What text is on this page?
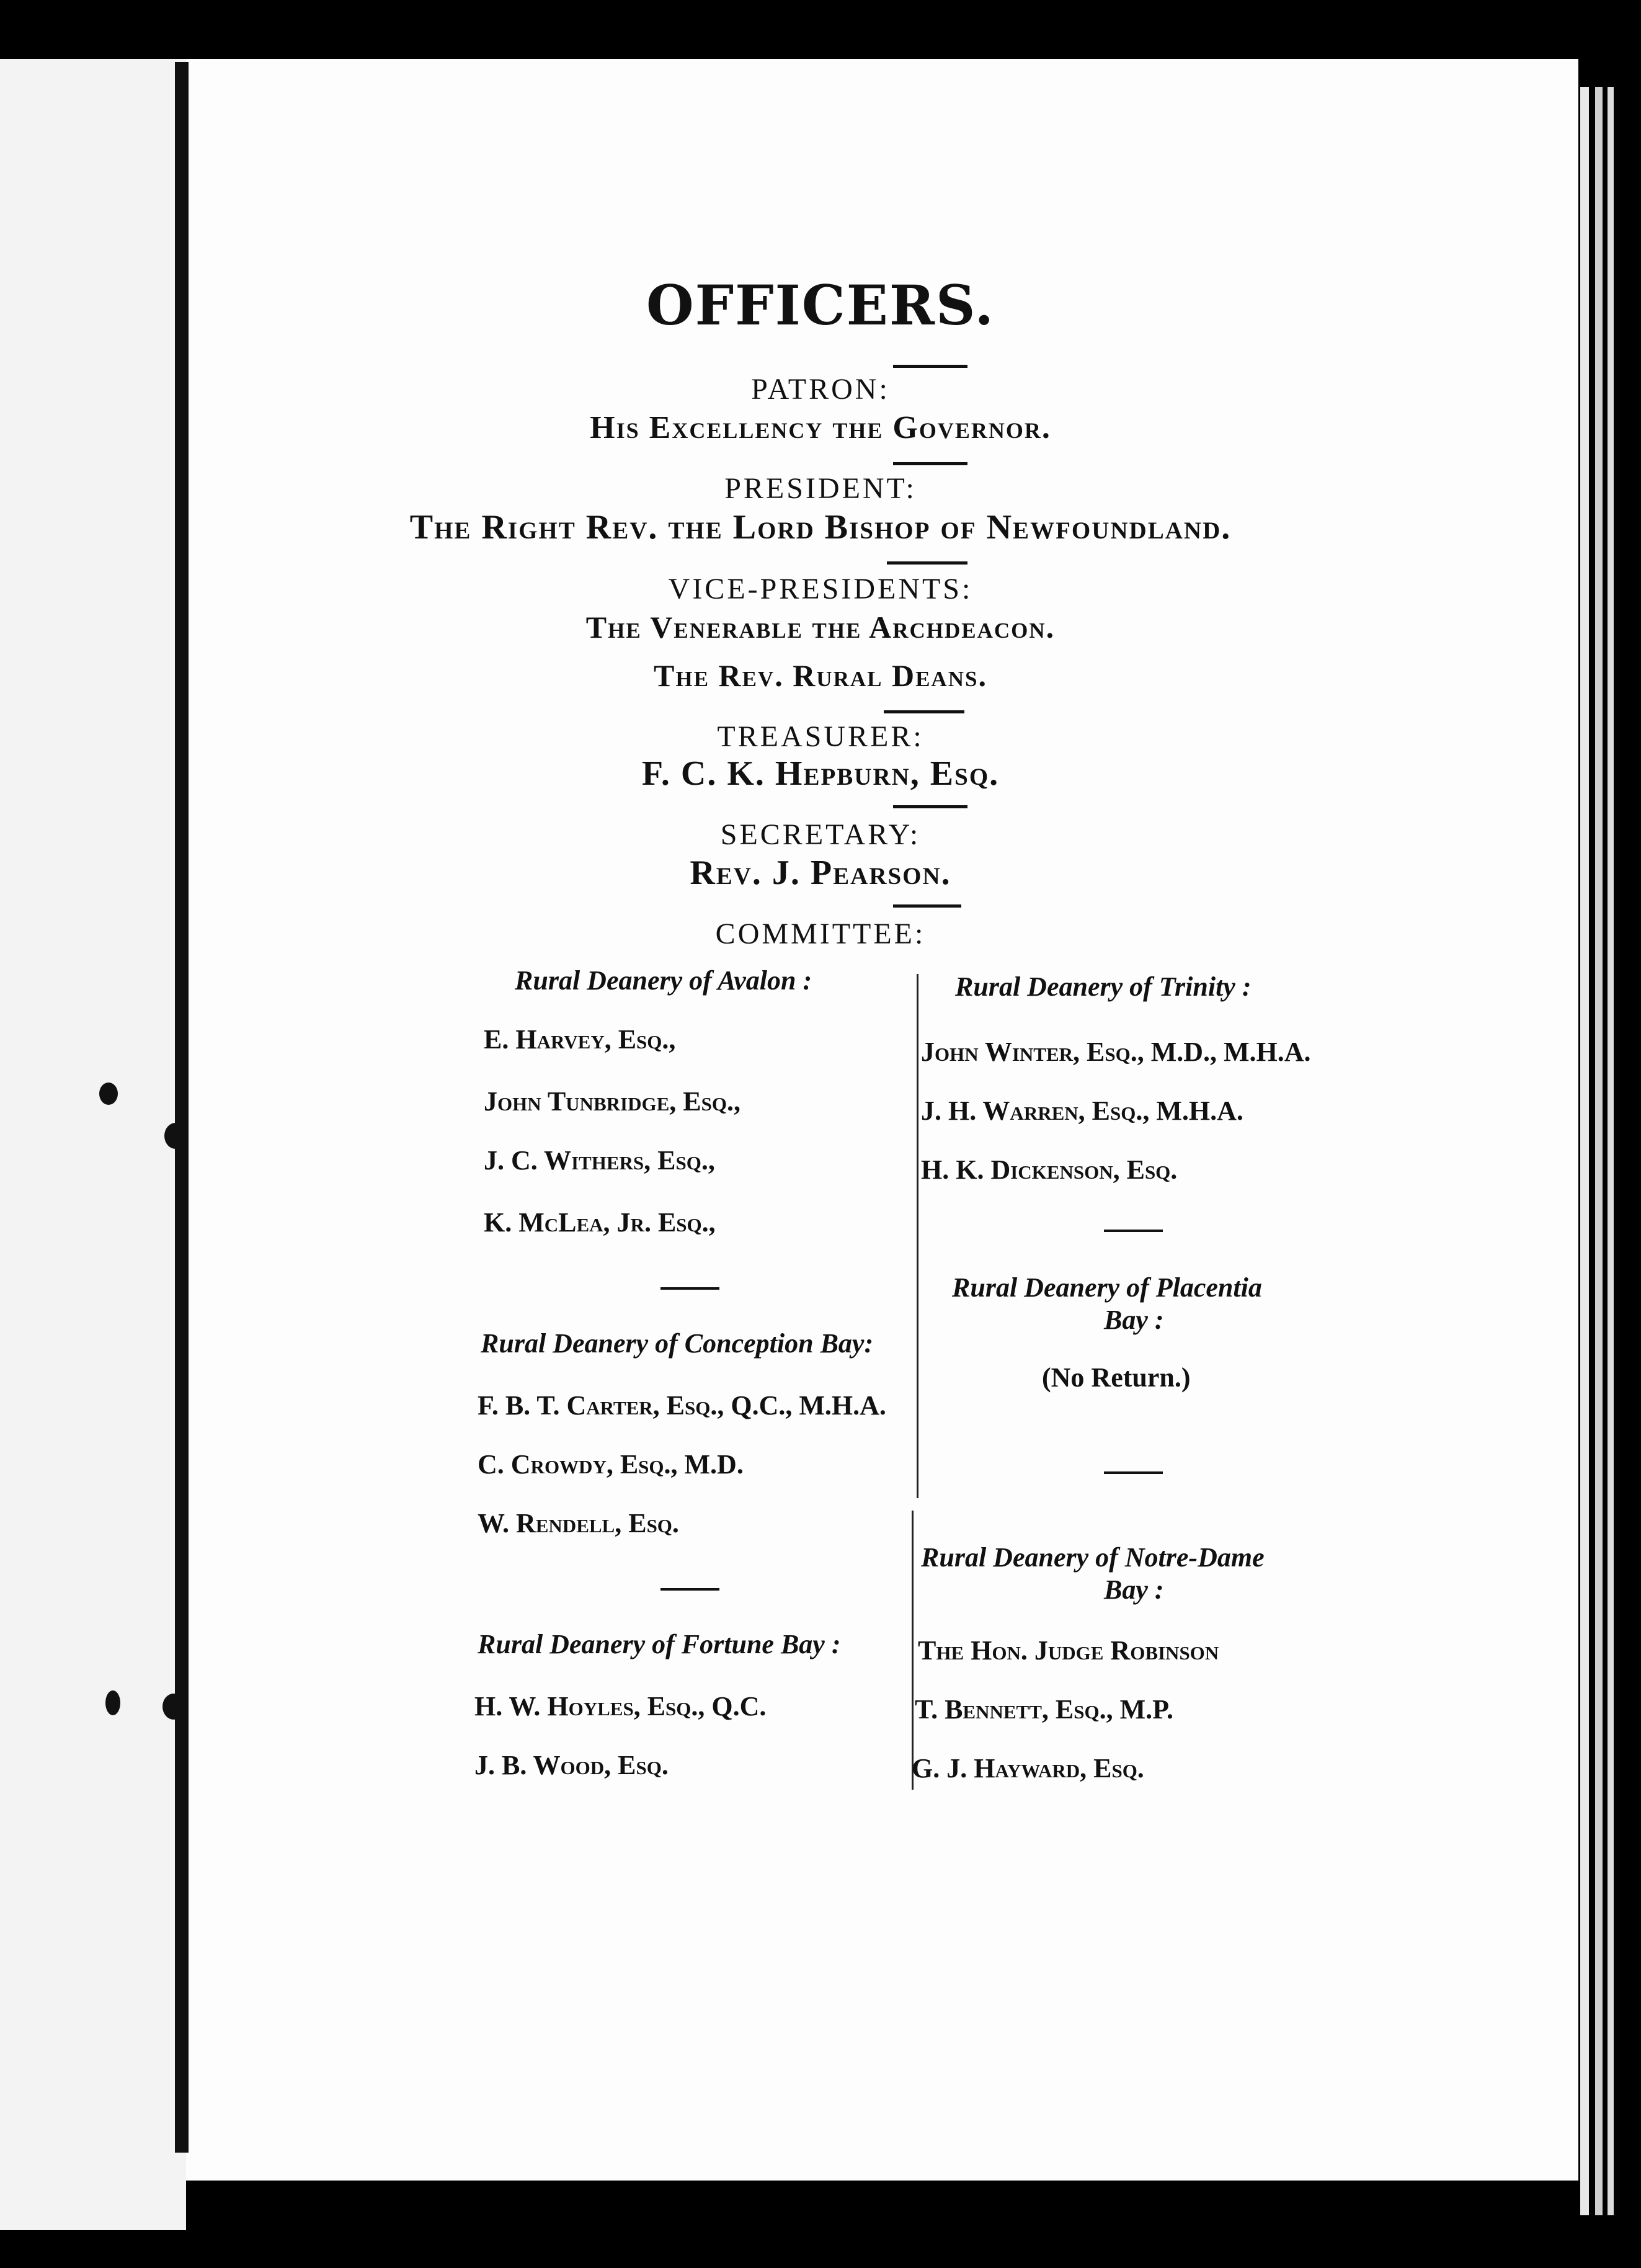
OFFICERS.
PATRON:
His Excellency the Governor.
PRESIDENT:
The Right Rev. the Lord Bishop of Newfoundland.
VICE-PRESIDENTS:
The Venerable the Archdeacon.
The Rev. Rural Deans.
TREASURER:
F. C. K. Hepburn, Esq.
SECRETARY:
Rev. J. Pearson.
COMMITTEE:
Rural Deanery of Avalon :
E. Harvey, Esq.,
John Tunbridge, Esq.,
J. C. Withers, Esq.,
K. McLea, Jr. Esq.,
Rural Deanery of Conception Bay:
F. B. T. Carter, Esq., Q.C., M.H.A.
C. Crowdy, Esq., M.D.
W. Rendell, Esq.
Rural Deanery of Fortune Bay :
H. W. Hoyles, Esq., Q.C.
J. B. Wood, Esq.
Rural Deanery of Trinity :
John Winter, Esq., M.D., M.H.A.
J. H. Warren, Esq., M.H.A.
H. K. Dickenson, Esq.
Rural Deanery of Placentia
Bay :
(No Return.)
Rural Deanery of Notre-Dame
Bay :
The Hon. Judge Robinson
T. Bennett, Esq., M.P.
G. J. Hayward, Esq.
